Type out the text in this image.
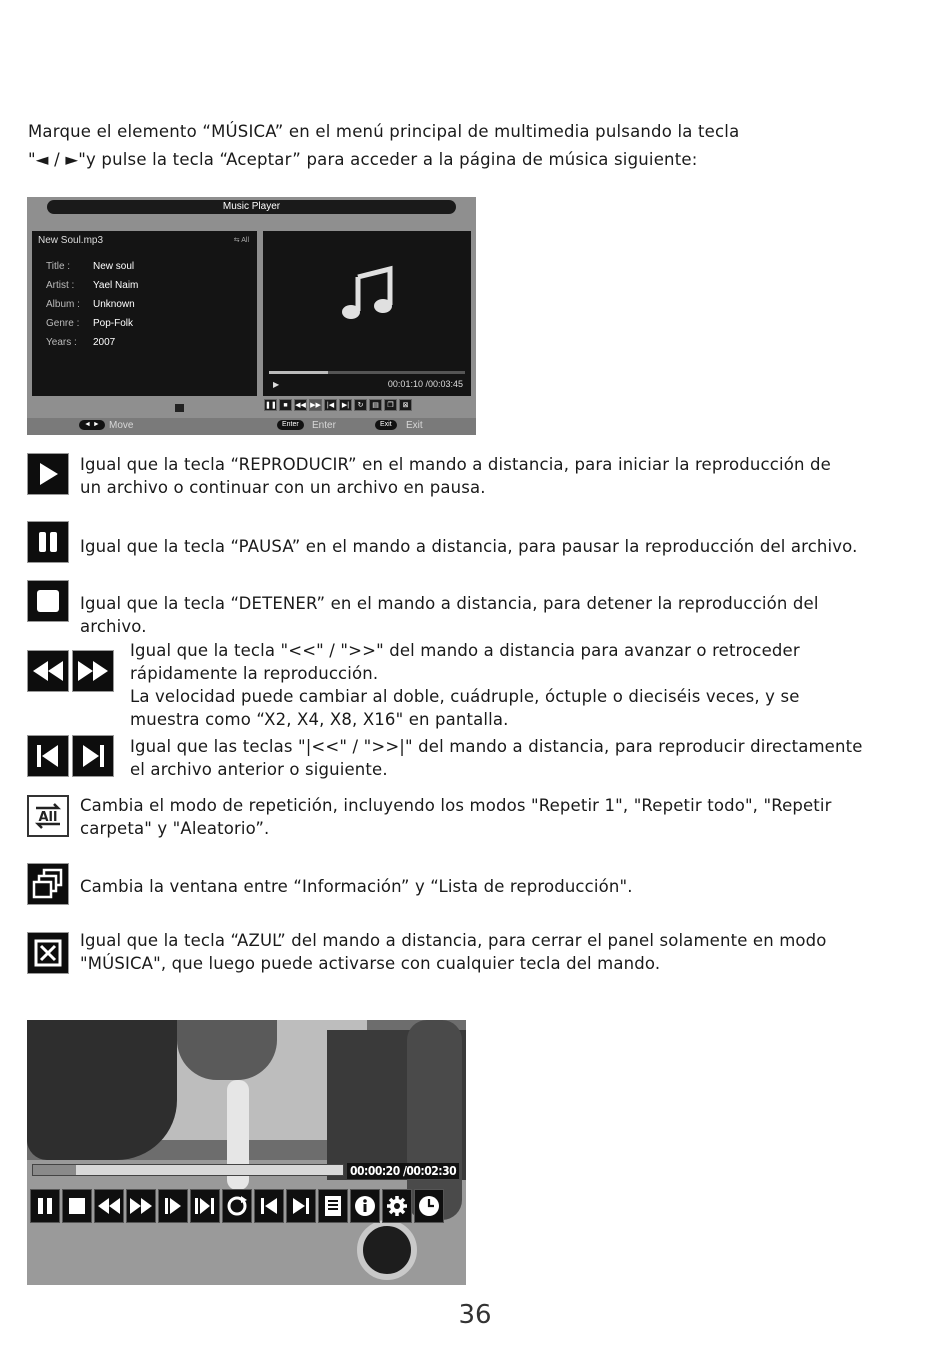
Marque el elemento “MÚSICA” en el menú principal de multimedia pulsando la tecla
"◄ / ►"y pulse la tecla “Aceptar” para acceder a la página de música siguiente:
Music Player
New Soul.mp3	⇆ All
Title : New soul
Artist : Yael Naim
Album : Unknown
Genre : Pop-Folk
Years : 2007
▶	00:01:10 /00:03:45
❚❚ ■	◀◀ ▶▶ |◀	▶|	↻	▤	❐	⊠
◄ ► Move	Enter	Enter	Exit	Exit
Igual que la tecla “REPRODUCIR” en el mando a distancia, para iniciar la reproducción de
un archivo o continuar con un archivo en pausa.
Igual que la tecla “PAUSA” en el mando a distancia, para pausar la reproducción del archivo.
Igual que la tecla “DETENER” en el mando a distancia, para detener la reproducción del
archivo.
Igual que la tecla "<<" / ">>" del mando a distancia para avanzar o retroceder
rápidamente la reproducción.
La velocidad puede cambiar al doble, cuádruple, óctuple o dieciséis veces, y se
muestra como “X2, X4, X8, X16" en pantalla.
Igual que las teclas "|<<" / ">>|" del mando a distancia, para reproducir directamente
el archivo anterior o siguiente.
All
Cambia el modo de repetición, incluyendo los modos "Repetir 1", "Repetir todo", "Repetir
carpeta" y "Aleatorio”.
Cambia la ventana entre “Información” y “Lista de reproducción".
Igual que la tecla “AZUL” del mando a distancia, para cerrar el panel solamente en modo
"MÚSICA", que luego puede activarse con cualquier tecla del mando.
00:00:20 /00:02:30
36
